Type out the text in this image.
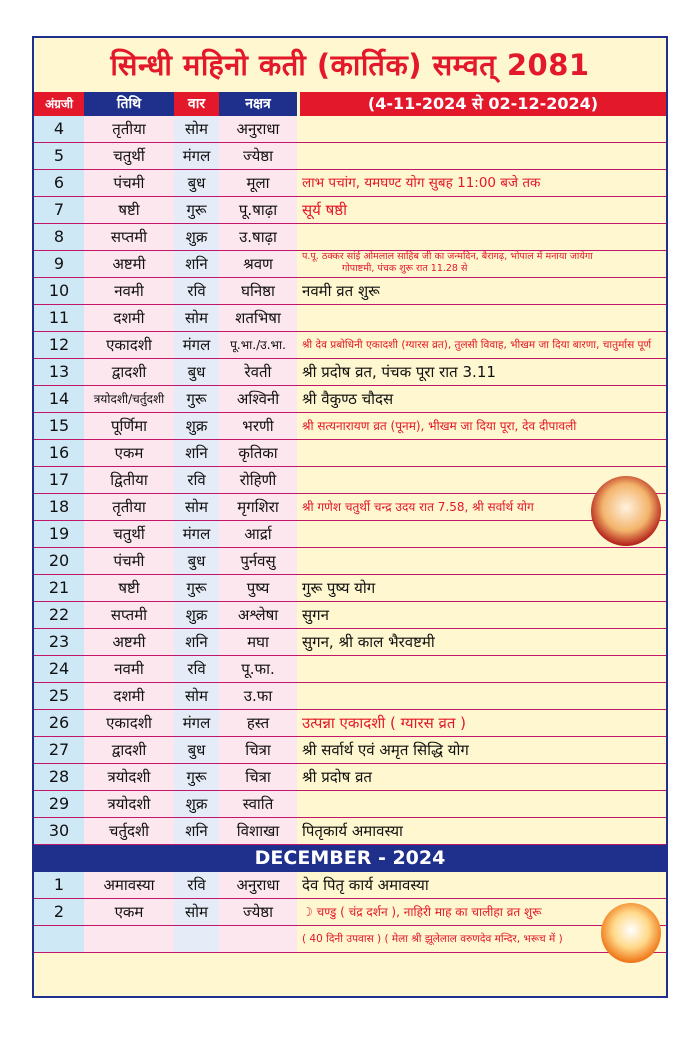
सिन्धी महिनो कती (कार्तिक) सम्वत् 2081
अंग्रजी	तिथि	वार	नक्षत्र	(4-11-2024 से 02-12-2024)
4	तृतीया	सोम	अनुराधा
5	चतुर्थी	मंगल	ज्येष्ठा
6	पंचमी	बुध	मूला	लाभ पचांग, यमघण्ट योग सुबह 11:00 बजे तक
7	षष्टी	गुरू	पू.षाढ़ा	सूर्य षष्ठी
8	सप्तमी	शुक्र	उ.षाढ़ा
9	अष्टमी	शनि	श्रवण	प.पू. ठक्कर सांई ओमलाल साहिब जी का जन्मदिन, बैरागढ़, भोपाल में मनाया जायेगा
गोपाष्टमी, पंचक शुरू रात 11.28 से
10	नवमी	रवि	घनिष्ठा	नवमी व्रत शुरू
11	दशमी	सोम	शतभिषा
12	एकादशी	मंगल	पू.भा./उ.भा.	श्री देव प्रबोधिनी एकादशी (ग्यारस व्रत), तुलसी विवाह, भीखम जा दिया बारणा, चातुर्मास पूर्ण
13	द्वादशी	बुध	रेवती	श्री प्रदोष व्रत, पंचक पूरा रात 3.11
14	त्रयोदशी/चर्तुदशी	गुरू	अश्विनी	श्री वैकुण्ठ चौदस
15	पूर्णिमा	शुक्र	भरणी	श्री सत्यनारायण व्रत (पूनम), भीखम जा दिया पूरा, देव दीपावली
16	एकम	शनि	कृतिका
17	द्वितीया	रवि	रोहिणी
18	तृतीया	सोम	मृगशिरा	श्री गणेश चतुर्थी चन्द्र उदय रात 7.58, श्री सर्वार्थ योग
19	चतुर्थी	मंगल	आर्द्रा
20	पंचमी	बुध	पुर्नवसु
21	षष्टी	गुरू	पुष्य	गुरू पुष्य योग
22	सप्तमी	शुक्र	अश्लेषा	सुगन
23	अष्टमी	शनि	मघा	सुगन, श्री काल भैरवष्टमी
24	नवमी	रवि	पू.फा.
25	दशमी	सोम	उ.फा
26	एकादशी	मंगल	हस्त	उत्पन्ना एकादशी ( ग्यारस व्रत )
27	द्वादशी	बुध	चित्रा	श्री सर्वार्थ एवं अमृत सिद्धि योग
28	त्रयोदशी	गुरू	चित्रा	श्री प्रदोष व्रत
29	त्रयोदशी	शुक्र	स्वाति
30	चर्तुदशी	शनि	विशाखा	पितृकार्य अमावस्या
DECEMBER - 2024
1	अमावस्या	रवि	अनुराधा	देव पितृ कार्य अमावस्या
2	एकम	सोम	ज्येष्ठा	☽ चण्डु ( चंद्र दर्शन ), नाहिरी माह का चालीहा व्रत शुरू
( 40 दिनी उपवास ) ( मेला श्री झूलेलाल वरुणदेव मन्दिर, भरूच में )
